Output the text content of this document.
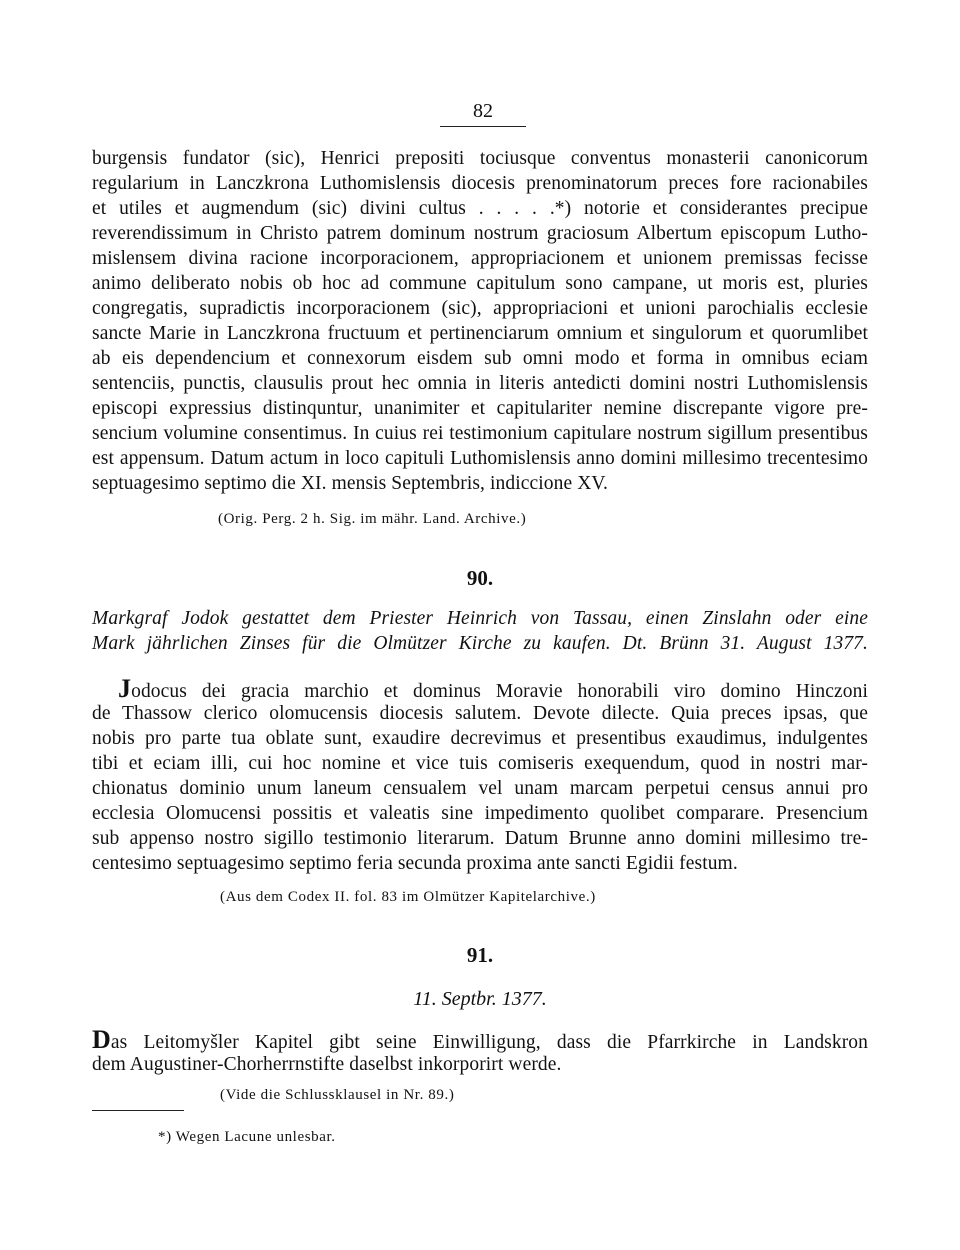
82
burgensis fundator (sic), Henrici prepositi tociusque conventus monasterii canonicorum
regularium in Lanczkrona Luthomislensis diocesis prenominatorum preces fore racionabiles
et utiles et augmendum (sic) divini cultus . . . . .*) notorie et considerantes precipue
reverendissimum in Christo patrem dominum nostrum graciosum Albertum episcopum Lutho-
mislensem divina racione incorporacionem, appropriacionem et unionem premissas fecisse
animo deliberato nobis ob hoc ad commune capitulum sono campane, ut moris est, pluries
congregatis, supradictis incorporacionem (sic), appropriacioni et unioni parochialis ecclesie
sancte Marie in Lanczkrona fructuum et pertinenciarum omnium et singulorum et quorumlibet
ab eis dependencium et connexorum eisdem sub omni modo et forma in omnibus eciam
sentenciis, punctis, clausulis prout hec omnia in literis antedicti domini nostri Luthomislensis
episcopi expressius distinquntur, unanimiter et capitulariter nemine discrepante vigore pre-
sencium volumine consentimus. In cuius rei testimonium capitulare nostrum sigillum presentibus
est appensum. Datum actum in loco capituli Luthomislensis anno domini millesimo trecentesimo
septuagesimo septimo die XI. mensis Septembris, indiccione XV.
(Orig. Perg. 2 h. Sig. im mähr. Land. Archive.)
90.
Markgraf Jodok gestattet dem Priester Heinrich von Tassau, einen Zinslahn oder eine
Mark jährlichen Zinses für die Olmützer Kirche zu kaufen. Dt. Brünn 31. August 1377.
Jodocus dei gracia marchio et dominus Moravie honorabili viro domino Hinczoni
de Thassow clerico olomucensis diocesis salutem. Devote dilecte. Quia preces ipsas, que
nobis pro parte tua oblate sunt, exaudire decrevimus et presentibus exaudimus, indulgentes
tibi et eciam illi, cui hoc nomine et vice tuis comiseris exequendum, quod in nostri mar-
chionatus dominio unum laneum censualem vel unam marcam perpetui census annui pro
ecclesia Olomucensi possitis et valeatis sine impedimento quolibet comparare. Presencium
sub appenso nostro sigillo testimonio literarum. Datum Brunne anno domini millesimo tre-
centesimo septuagesimo septimo feria secunda proxima ante sancti Egidii festum.
(Aus dem Codex II. fol. 83 im Olmützer Kapitelarchive.)
91.
11. Septbr. 1377.
Das Leitomyšler Kapitel gibt seine Einwilligung, dass die Pfarrkirche in Landskron
dem Augustiner-Chorherrnstifte daselbst inkorporirt werde.
(Vide die Schlussklausel in Nr. 89.)
*) Wegen Lacune unlesbar.
